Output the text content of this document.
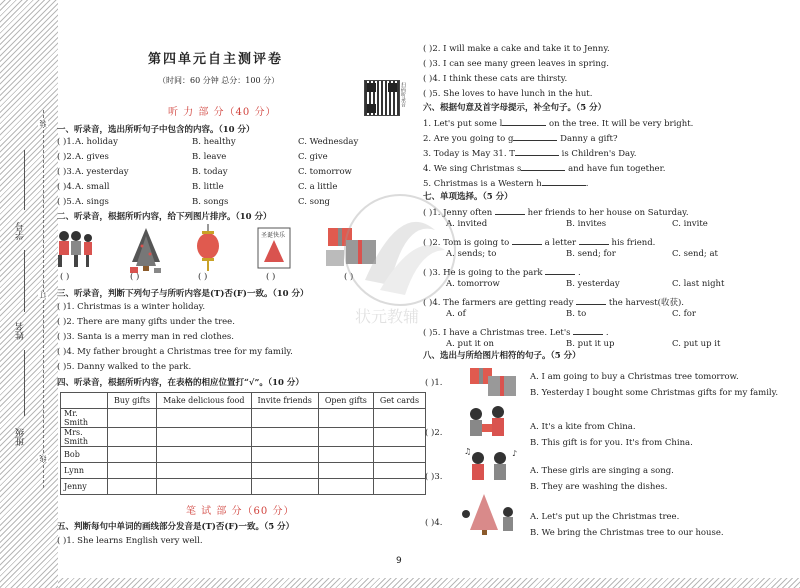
装
订
线
学号
姓名
班级
第四单元自主测评卷
（时间：60 分钟 总分：100 分）
扫码听录音
听 力 部 分（40 分）
一、听录音，选出所听句子中包含的内容。（10 分）
( )1. A. holiday	B. healthy	C. Wednesday
( )2. A. gives	B. leave	C. give
( )3. A. yesterday	B. today	C. tomorrow
( )4. A. small	B. little	C. a little
( )5. A. sings	B. songs	C. song
二、听录音，根据所听内容，给下列图片排序。（10 分）
圣诞快乐
( )	( )	( )	( )	( )
三、听录音，判断下列句子与所听内容是(T)否(F)一致。（10 分）
( )1. Christmas is a winter holiday.
( )2. There are many gifts under the tree.
( )3. Santa is a merry man in red clothes.
( )4. My father brought a Christmas tree for my family.
( )5. Danny walked to the park.
四、听录音，根据所听内容，在表格的相应位置打“√”。（10 分）
	Buy gifts	Make delicious food	Invite friends	Open gifts	Get cards
Mr. Smith					
Mrs. Smith					
Bob					
Lynn					
Jenny					
笔 试 部 分（60 分）
五、判断每句中单词的画线部分发音是(T)否(F)一致。（5 分）
( )1. She learns English very well.
( )2. I will make a cake and take it to Jenny.
( )3. I can see many green leaves in spring.
( )4. I think these cats are thirsty.
( )5. She loves to have lunch in the hut.
六、根据句意及首字母提示，补全句子。（5 分）
1. Let's put some l	on the tree. It will be very bright.
2. Are you going to g	Danny a gift?
3. Today is May 31. T	is Children's Day.
4. We sing Christmas s	and have fun together.
5. Christmas is a Western h	.
七、单项选择。（5 分）
( )1. Jenny often	her friends to her house on Saturday.
A. invited	B. invites	C. invite
( )2. Tom is going to	a letter	his friend.
A. sends; to	B. send; for	C. send; at
( )3. He is going to the park	.
A. tomorrow	B. yesterday	C. last night
( )4. The farmers are getting ready	the harvest(收获).
A. of	B. to	C. for
( )5. I have a Christmas tree. Let's	.
A. put it on	B. put it up	C. put up it
八、选出与所给图片相符的句子。（5 分）
( )1.
A. I am going to buy a Christmas tree tomorrow.
B. Yesterday I bought some Christmas gifts for my family.
( )2.
A. It's a kite from China.
B. This gift is for you. It's from China.
( )3.
A. These girls are singing a song.
B. They are washing the dishes.
( )4.
A. Let's put up the Christmas tree.
B. We bring the Christmas tree to our house.
♪
♫
状元教辅
9
